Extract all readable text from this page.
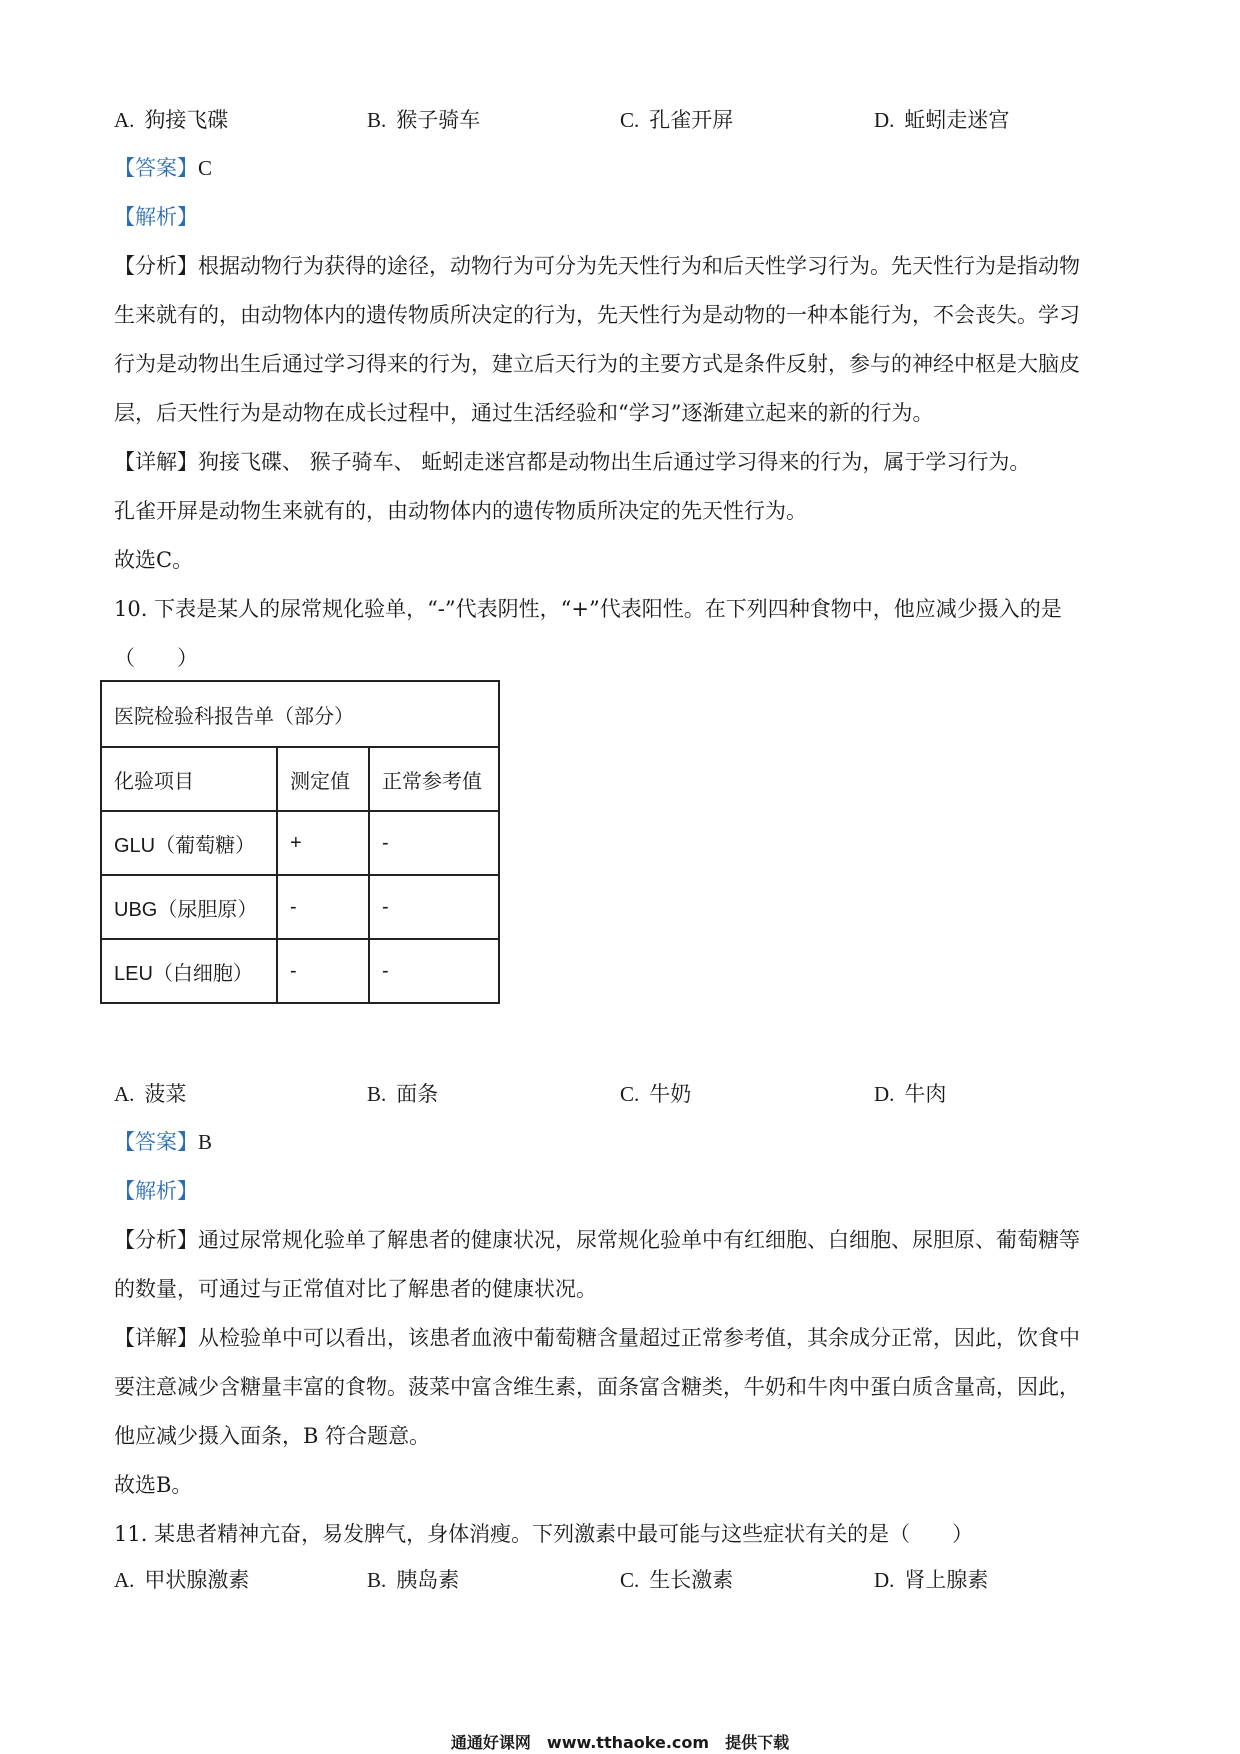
A. 狗接飞碟	B. 猴子骑车	C. 孔雀开屏	D. 蚯蚓走迷宫
【答案】C
【解析】
【分析】根据动物行为获得的途径，动物行为可分为先天性行为和后天性学习行为。先天性行为是指动物
生来就有的，由动物体内的遗传物质所决定的行为，先天性行为是动物的一种本能行为，不会丧失。学习
行为是动物出生后通过学习得来的行为，建立后天行为的主要方式是条件反射，参与的神经中枢是大脑皮
层，后天性行为是动物在成长过程中，通过生活经验和“学习”逐渐建立起来的新的行为。
【详解】狗接飞碟、 猴子骑车、 蚯蚓走迷宫都是动物出生后通过学习得来的行为，属于学习行为。
孔雀开屏是动物生来就有的，由动物体内的遗传物质所决定的先天性行为。
故选C。
10. 下表是某人的尿常规化验单，“-”代表阴性，“+”代表阳性。在下列四种食物中，他应减少摄入的是
（　　）
医院检验科报告单（部分）		
化验项目	测定值	正常参考值
GLU（葡萄糖）	+	-
UBG（尿胆原）	-	-
LEU（白细胞）	-	-
A. 菠菜	B. 面条	C. 牛奶	D. 牛肉
【答案】B
【解析】
【分析】通过尿常规化验单了解患者的健康状况，尿常规化验单中有红细胞、白细胞、尿胆原、葡萄糖等
的数量，可通过与正常值对比了解患者的健康状况。
【详解】从检验单中可以看出，该患者血液中葡萄糖含量超过正常参考值，其余成分正常，因此，饮食中
要注意减少含糖量丰富的食物。菠菜中富含维生素，面条富含糖类，牛奶和牛肉中蛋白质含量高，因此，
他应减少摄入面条，B 符合题意。
故选B。
11. 某患者精神亢奋，易发脾气，身体消瘦。下列激素中最可能与这些症状有关的是（　　）
A. 甲状腺激素	B. 胰岛素	C. 生长激素	D. 肾上腺素
通通好课网　www.tthaoke.com　提供下载
